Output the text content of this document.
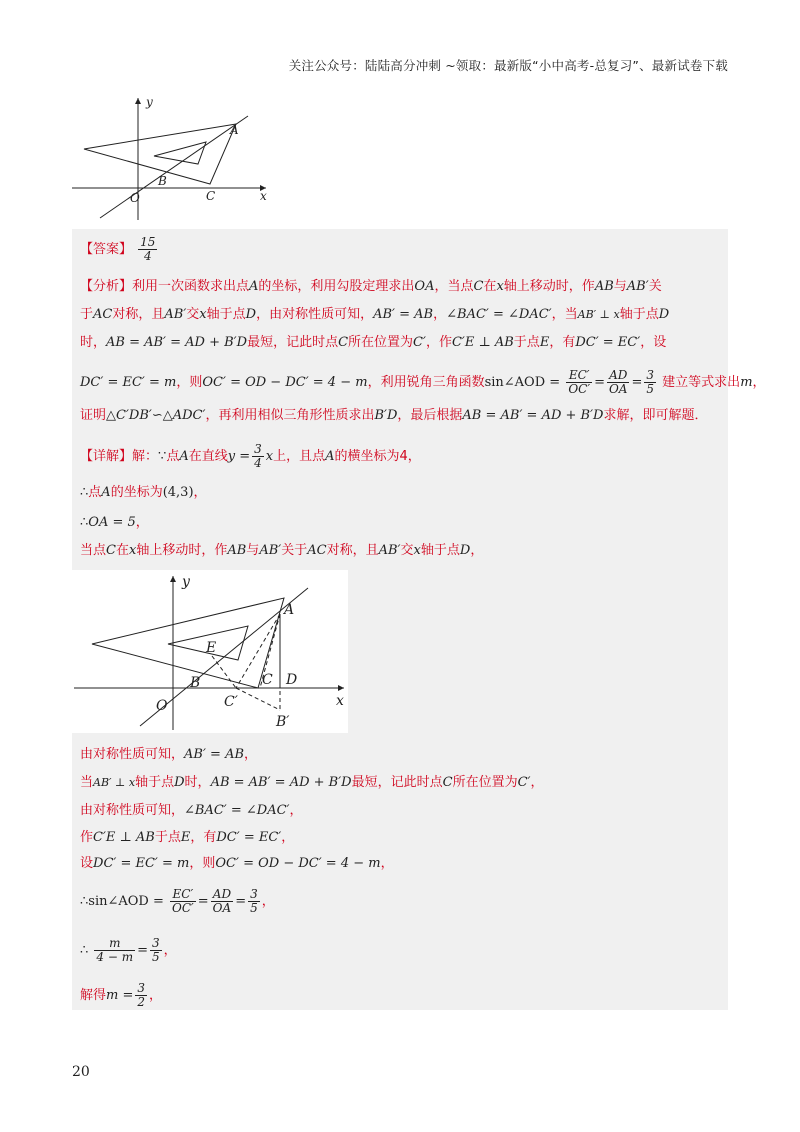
关注公众号：陆陆高分冲刺 ~领取：最新版“小中高考-总复习”、最新试卷下载
y
x
A
B
O	C
【答案】 $\frac{15}{4}$
【分析】利用一次函数求出点A的坐标，利用勾股定理求出OA，当点C在x轴上移动时，作AB与AB′关
于AC对称，且AB′交x轴于点D，由对称性质可知，AB′ = AB，∠BAC′ = ∠DAC′，当AB′ ⊥ x轴于点D
时，AB = AB′ = AD + B′D最短，记此时点C所在位置为C′，作C′E ⊥ AB于点E，有DC′ = EC′，设
DC′ = EC′ = m，则OC′ = OD − DC′ = 4 − m，利用锐角三角函数sin∠AOD = $\frac{EC'}{OC'} = \frac{AD}{OA} = \frac{3}{5}$ 建立等式求出m，
证明△C′DB′∽△ADC′，再利用相似三角形性质求出B′D，最后根据AB = AB′ = AD + B′D求解，即可解题．
【详解】解：∵点A在直线$y = \frac{3}{4}$ x上，且点A的横坐标为4，
∴点A的坐标为(4,3)，
∴OA = 5，
当点C在x轴上移动时，作AB与AB′关于AC对称，且AB′交x轴于点D，
y
x
A
E
B	C D
C′
B′
O
由对称性质可知，AB′ = AB，
当AB′ ⊥ x轴于点D时，AB = AB′ = AD + B′D最短，记此时点C所在位置为C′，
由对称性质可知，∠BAC′ = ∠DAC′，
作C′E ⊥ AB于点E，有DC′ = EC′，
设DC′ = EC′ = m，则OC′ = OD − DC′ = 4 − m，
∴sin∠AOD = $\frac{EC'}{OC'} = \frac{AD}{OA} = \frac{3}{5}$ ，
∴ $\frac{m}{4 - m} = \frac{3}{5}$ ，
解得$m = \frac{3}{2}$ ，
20
